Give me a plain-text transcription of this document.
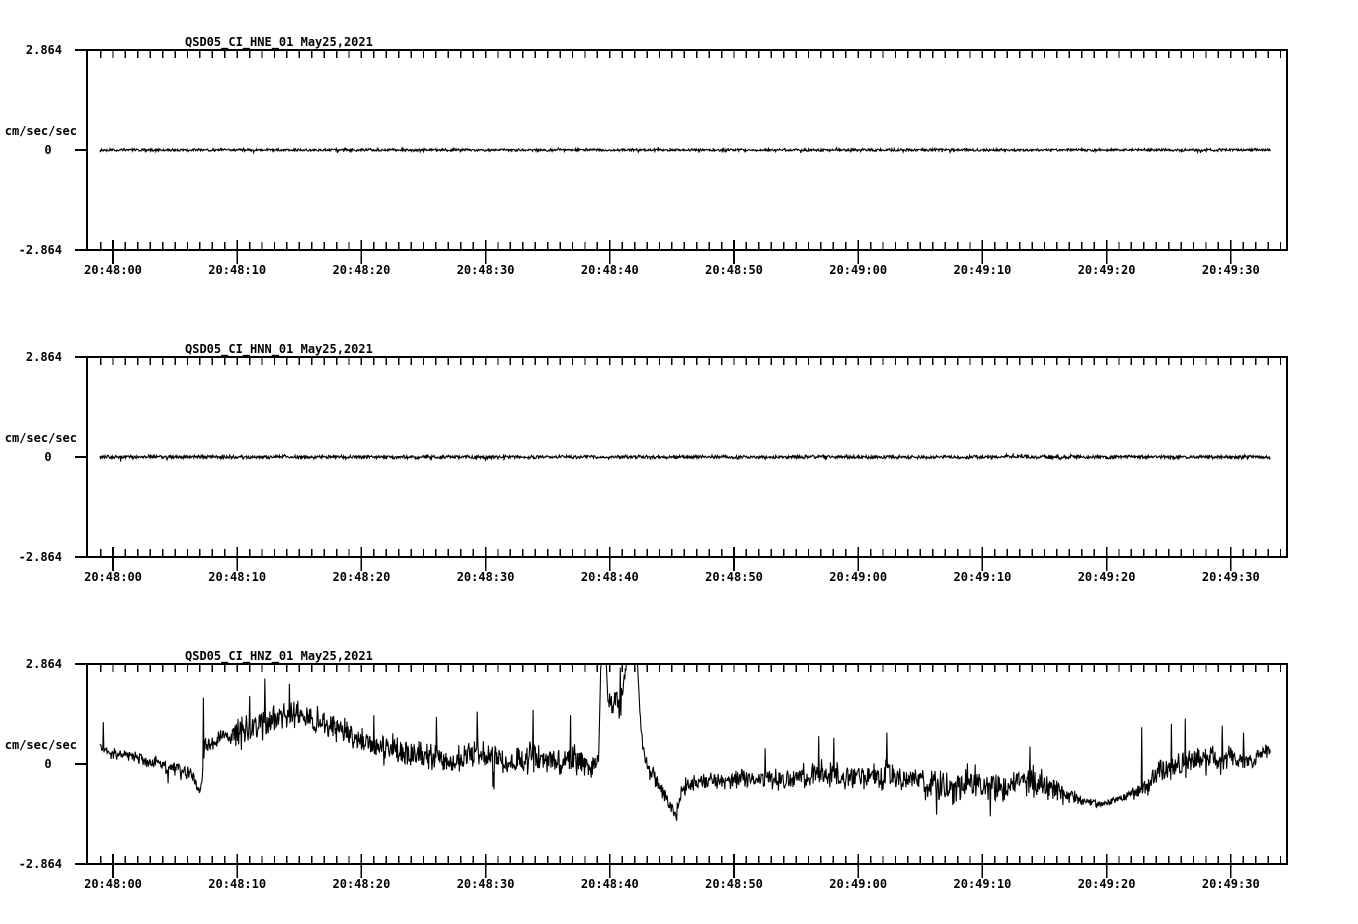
QSD05_CI_HNE_01 May25,2021
2.864
0
-2.864
cm/sec/sec
20:48:00	20:48:10	20:48:20	20:48:30	20:48:40	20:48:50	20:49:00	20:49:10	20:49:20	20:49:30
QSD05_CI_HNN_01 May25,2021
2.864
0
-2.864
cm/sec/sec
20:48:00	20:48:10	20:48:20	20:48:30	20:48:40	20:48:50	20:49:00	20:49:10	20:49:20	20:49:30
QSD05_CI_HNZ_01 May25,2021
2.864
0
-2.864
cm/sec/sec
20:48:00	20:48:10	20:48:20	20:48:30	20:48:40	20:48:50	20:49:00	20:49:10	20:49:20	20:49:30
